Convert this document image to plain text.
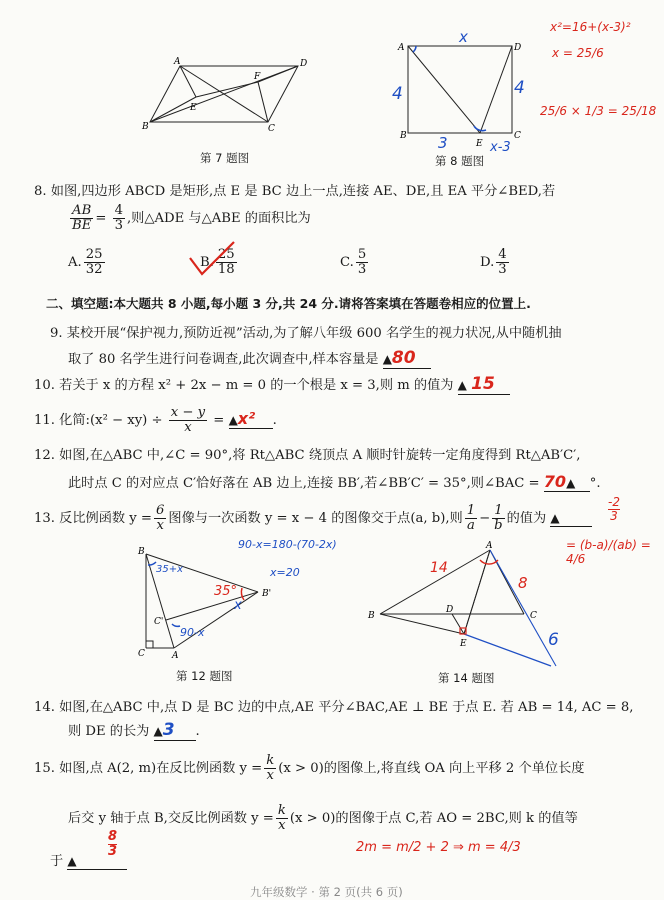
A	D
B	C
E
F
第 7 题图
A	D
B	C
E
x
4	4
3	x-3
第 8 题图
x²=16+(x-3)²
x = 25/6
25/6 × 1/3 = 25/18
8. 如图,四边形 ABCD 是矩形,点 E 是 BC 边上一点,连接 AE、DE,且 EA 平分∠BED,若
$\frac{AB}{BE} = \frac{4}{3}$ ,则△ADE 与△ABE 的面积比为
A. $\frac{25}{32}$	B. $\frac{25}{18}$	C. $\frac{5}{3}$	D. $\frac{4}{3}$
二、填空题:本大题共 8 小题,每小题 3 分,共 24 分.请将答案填在答题卷相应的位置上.
9. 某校开展“保护视力,预防近视”活动,为了解八年级 600 名学生的视力状况,从中随机抽
取了 80 名学生进行问卷调查,此次调查中,样本容量是 ▲80
10. 若关于 x 的方程 x² + 2x − m = 0 的一个根是 x = 3,则 m 的值为 ▲ 15
11. 化简:(x² − $xy) \div \frac{x - y}{x}$ = ▲x² .
12. 如图,在△ABC 中,∠C = 90°,将 Rt△ABC 绕顶点 A 顺时针旋转一定角度得到 Rt△AB′C′,
此时点 C 的对应点 C′恰好落在 AB 边上,连接 BB′,若∠BB′C′ = 35°,则∠BAC = 70▲ °.
13. 反比例函数 $y = \frac{6}{x}$ 图像与一次函数 y = x − 4 的图像交于点(a, b),则 $\frac{1}{a} - \frac{1}{b}$ 的值为 ▲
-2
3
= (b-a)/(ab) = 4/6
B
B'
C'
C	A
35+x
35°
x
90-x
第 12 题图
90-x=180-(70-2x)
x=20
A
B	C
D
E
14
8
6
第 14 题图
14. 如图,在△ABC 中,点 D 是 BC 边的中点,AE 平分∠BAC,AE ⊥ BE 于点 E. 若 AB = 14, AC = 8,
则 DE 的长为 ▲3 .
15. 如图,点 A(2, m)在反比例函数 $y = \frac{k}{x} (x > 0)$的图像上,将直线 OA 向上平移 2 个单位长度
后交 y 轴于点 B,交反比例函数 $y = \frac{k}{x} (x > 0)$的图像于点 C,若 AO = 2BC,则 k 的值等
于 ▲
8
3	2m = m/2 + 2 ⇒ m = 4/3
九年级数学 · 第 2 页(共 6 页)
